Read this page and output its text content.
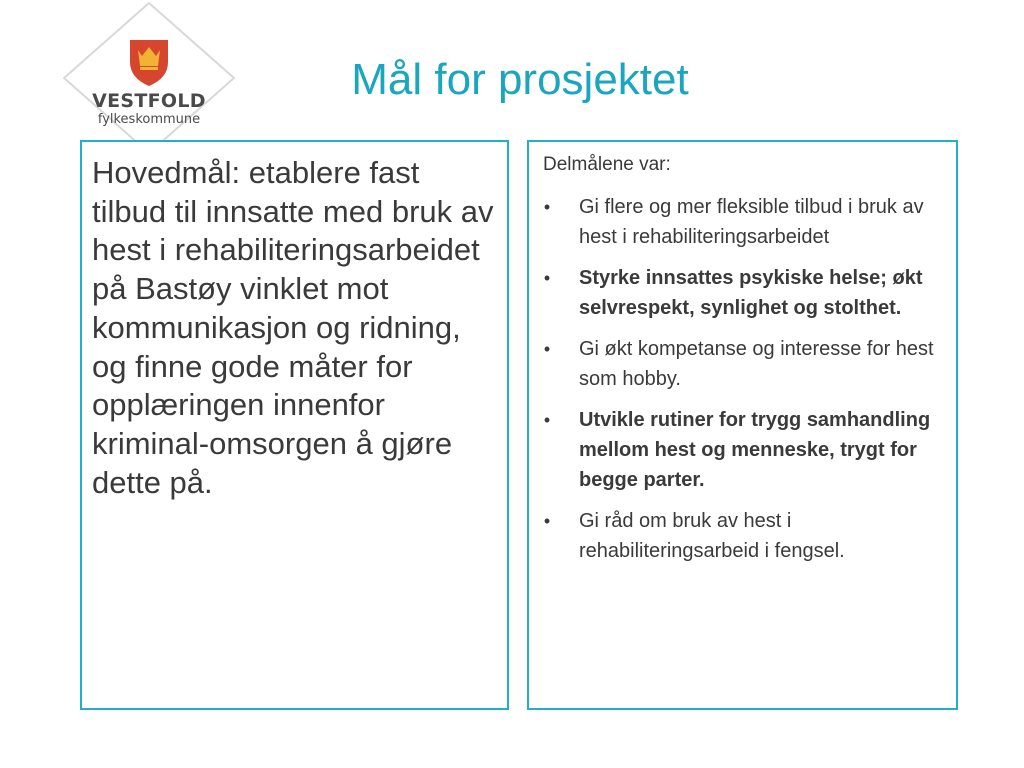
VESTFOLD
fylkeskommune
Mål for prosjektet
Hovedmål: etablere fast tilbud til innsatte med bruk av hest i rehabiliteringsarbeidet på Bastøy vinklet mot kommunikasjon og ridning, og finne gode måter for opplæringen innenfor kriminal-omsorgen å gjøre dette på.
Delmålene var:
•	Gi flere og mer fleksible tilbud i bruk av hest i rehabiliteringsarbeidet
•	Styrke innsattes psykiske helse; økt selvrespekt, synlighet og stolthet.
•	Gi økt kompetanse og interesse for hest som hobby.
•	Utvikle rutiner for trygg samhandling mellom hest og menneske, trygt for begge parter.
•	Gi råd om bruk av hest i rehabiliteringsarbeid i fengsel.
